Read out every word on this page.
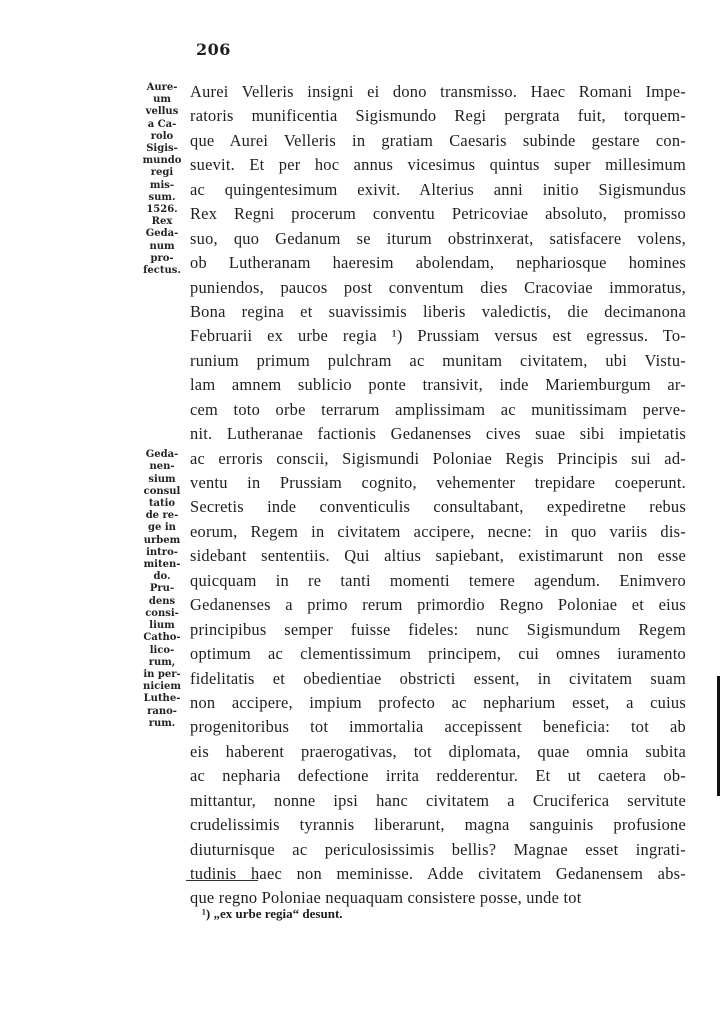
206
Aure-
um
vellus
a Ca-
rolo
Sigis-
mundo
regi
mis-
sum.
1526.
Rex
Geda-
num
pro-
fectus.
Geda-
nen-
sium
consul
tatio
de re-
ge in
urbem
intro-
miten-
do.
Pru-
dens
consi-
lium
Catho-
lico-
rum,
in per-
niciem
Luthe-
rano-
rum.
Aurei Velleris insigni ei dono transmisso. Haec Romani Impe-
ratoris munificentia Sigismundo Regi pergrata fuit, torquem-
que Aurei Velleris in gratiam Caesaris subinde gestare con-
suevit. Et per hoc annus vicesimus quintus super millesimum
ac quingentesimum exivit. Alterius anni initio Sigismundus
Rex Regni procerum conventu Petricoviae absoluto, promisso
suo, quo Gedanum se iturum obstrinxerat, satisfacere volens,
ob Lutheranam haeresim abolendam, nephariosque homines
puniendos, paucos post conventum dies Cracoviae immoratus,
Bona regina et suavissimis liberis valedictis, die decimanona
Februarii ex urbe regia ¹) Prussiam versus est egressus. To-
runium primum pulchram ac munitam civitatem, ubi Vistu-
lam amnem sublicio ponte transivit, inde Mariemburgum ar-
cem toto orbe terrarum amplissimam ac munitissimam perve-
nit. Lutheranae factionis Gedanenses cives suae sibi impietatis
ac erroris conscii, Sigismundi Poloniae Regis Principis sui ad-
ventu in Prussiam cognito, vehementer trepidare coeperunt.
Secretis inde conventiculis consultabant, expediretne rebus
eorum, Regem in civitatem accipere, necne: in quo variis dis-
sidebant sententiis. Qui altius sapiebant, existimarunt non esse
quicquam in re tanti momenti temere agendum. Enimvero
Gedanenses a primo rerum primordio Regno Poloniae et eius
principibus semper fuisse fideles: nunc Sigismundum Regem
optimum ac clementissimum principem, cui omnes iuramento
fidelitatis et obedientiae obstricti essent, in civitatem suam
non accipere, impium profecto ac nepharium esset, a cuius
progenitoribus tot immortalia accepissent beneficia: tot ab
eis haberent praerogativas, tot diplomata, quae omnia subita
ac nepharia defectione irrita redderentur. Et ut caetera ob-
mittantur, nonne ipsi hanc civitatem a Cruciferica servitute
crudelissimis tyrannis liberarunt, magna sanguinis profusione
diuturnisque ac periculosissimis bellis? Magnae esset ingrati-
tudinis haec non meminisse. Adde civitatem Gedanensem abs-
que regno Poloniae nequaquam consistere posse, unde tot
¹) „ex urbe regia“ desunt.
